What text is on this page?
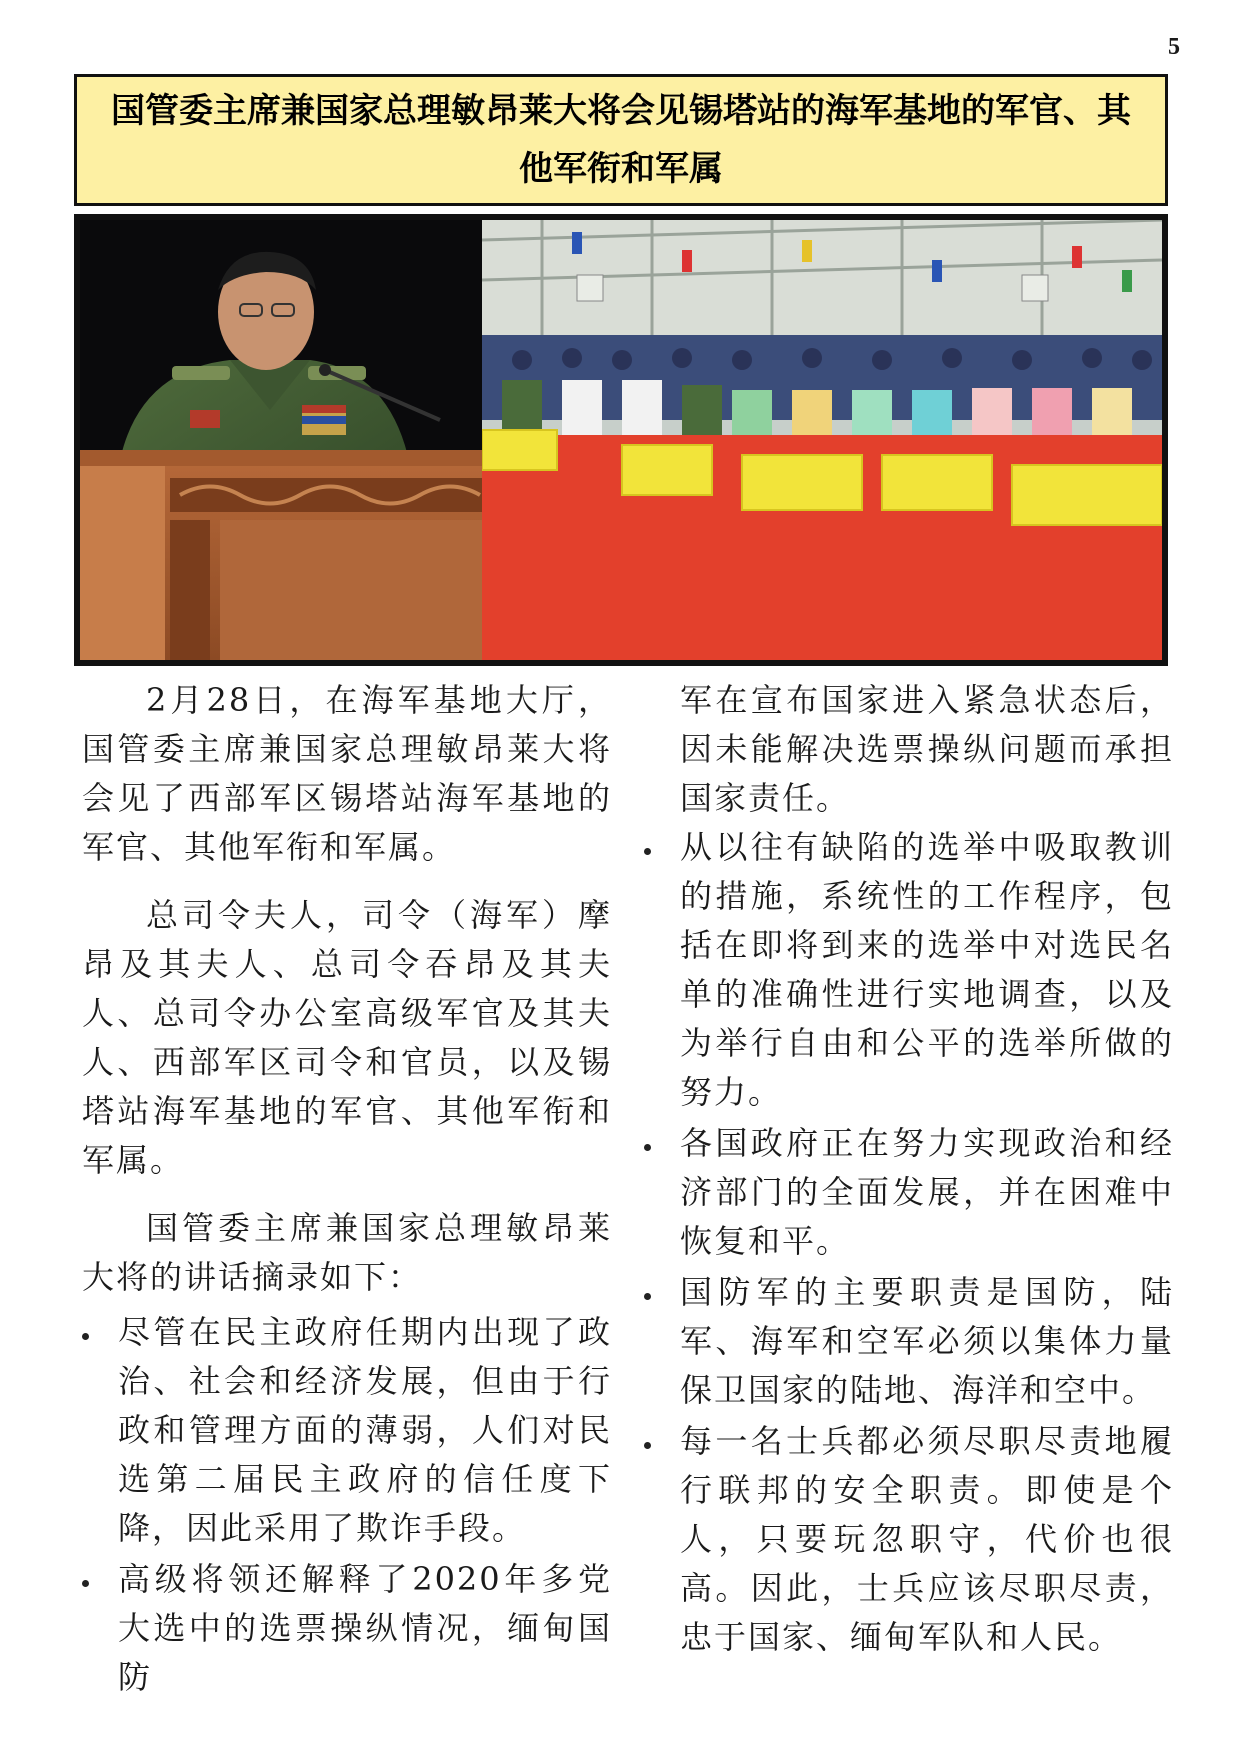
5
国管委主席兼国家总理敏昂莱大将会见锡塔站的海军基地的军官、其他军衔和军属

2月28日，在海军基地大厅，国管委主席兼国家总理敏昂莱大将会见了西部军区锡塔站海军基地的军官、其他军衔和军属。

总司令夫人，司令（海军）摩昂及其夫人、总司令吞昂及其夫人、总司令办公室高级军官及其夫人、西部军区司令和官员，以及锡塔站海军基地的军官、其他军衔和军属。

国管委主席兼国家总理敏昂莱大将的讲话摘录如下：

尽管在民主政府任期内出现了政治、社会和经济发展，但由于行政和管理方面的薄弱，人们对民选第二届民主政府的信任度下降，因此采用了欺诈手段。
高级将领还解释了2020年多党大选中的选票操纵情况，缅甸国防

军在宣布国家进入紧急状态后，因未能解决选票操纵问题而承担国家责任。

从以往有缺陷的选举中吸取教训的措施，系统性的工作程序，包括在即将到来的选举中对选民名单的准确性进行实地调查，以及为举行自由和公平的选举所做的努力。
各国政府正在努力实现政治和经济部门的全面发展，并在困难中恢复和平。
国防军的主要职责是国防，陆军、海军和空军必须以集体力量保卫国家的陆地、海洋和空中。
每一名士兵都必须尽职尽责地履行联邦的安全职责。即使是个人，只要玩忽职守，代价也很高。因此，士兵应该尽职尽责，忠于国家、缅甸军队和人民。
